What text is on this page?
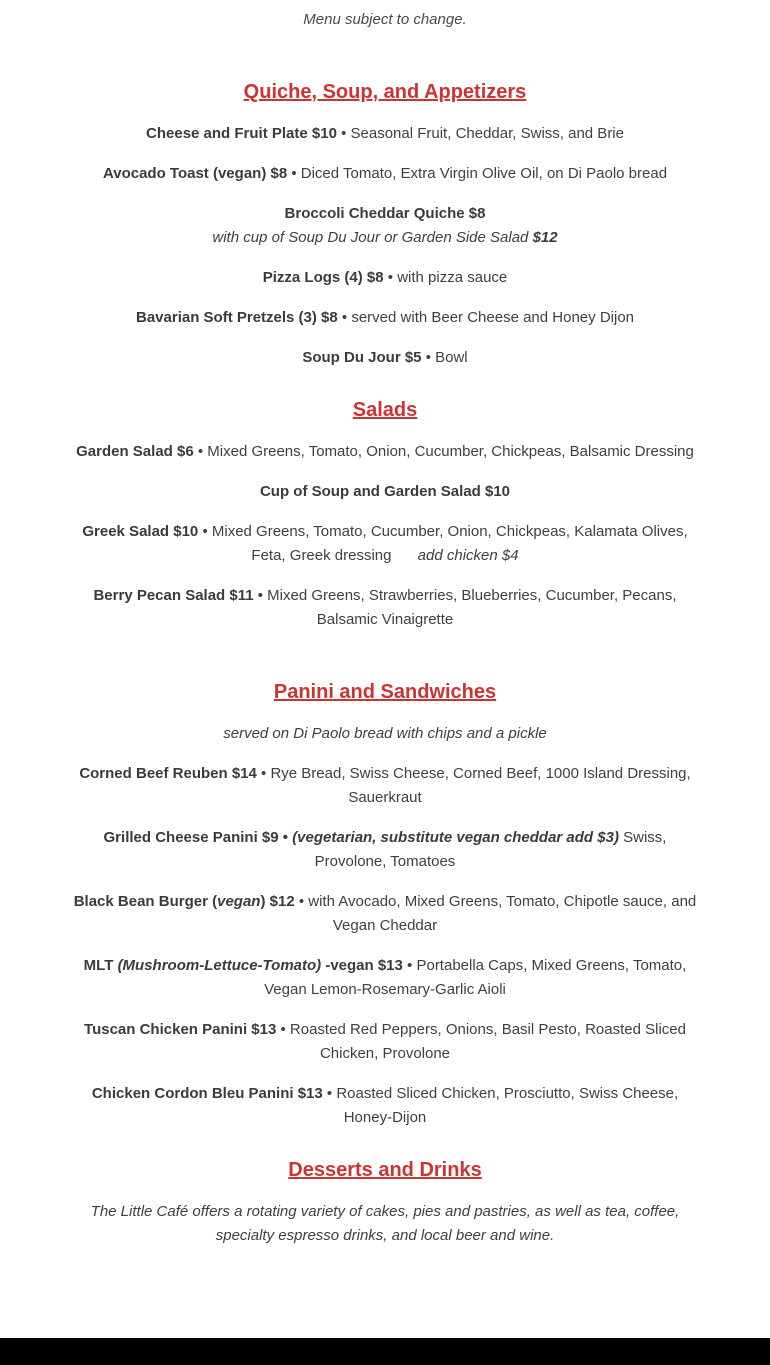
Menu subject to change.

Quiche, Soup, and Appetizers

Cheese and Fruit Plate $10 • Seasonal Fruit, Cheddar, Swiss, and Brie

Avocado Toast (vegan) $8 • Diced Tomato, Extra Virgin Olive Oil, on Di Paolo bread

Broccoli Cheddar Quiche $8
with cup of Soup Du Jour or Garden Side Salad $12

Pizza Logs (4) $8 • with pizza sauce

Bavarian Soft Pretzels (3) $8 • served with Beer Cheese and Honey Dijon

Soup Du Jour $5 • Bowl

Salads

Garden Salad $6 • Mixed Greens, Tomato, Onion, Cucumber, Chickpeas, Balsamic Dressing

Cup of Soup and Garden Salad $10

Greek Salad $10 • Mixed Greens, Tomato, Cucumber, Onion, Chickpeas, Kalamata Olives, Feta, Greek dressing add chicken $4

Berry Pecan Salad $11 • Mixed Greens, Strawberries, Blueberries, Cucumber, Pecans, Balsamic Vinaigrette

Panini and Sandwiches

served on Di Paolo bread with chips and a pickle

Corned Beef Reuben $14 • Rye Bread, Swiss Cheese, Corned Beef, 1000 Island Dressing, Sauerkraut

Grilled Cheese Panini $9 • (vegetarian, substitute vegan cheddar add $3) Swiss, Provolone, Tomatoes

Black Bean Burger (vegan) $12 • with Avocado, Mixed Greens, Tomato, Chipotle sauce, and Vegan Cheddar

MLT (Mushroom-Lettuce-Tomato) -vegan $13 • Portabella Caps, Mixed Greens, Tomato, Vegan Lemon-Rosemary-Garlic Aioli

Tuscan Chicken Panini $13 • Roasted Red Peppers, Onions, Basil Pesto, Roasted Sliced Chicken, Provolone

Chicken Cordon Bleu Panini $13 • Roasted Sliced Chicken, Prosciutto, Swiss Cheese, Honey-Dijon

Desserts and Drinks

The Little Café offers a rotating variety of cakes, pies and pastries, as well as tea, coffee, specialty espresso drinks, and local beer and wine.
